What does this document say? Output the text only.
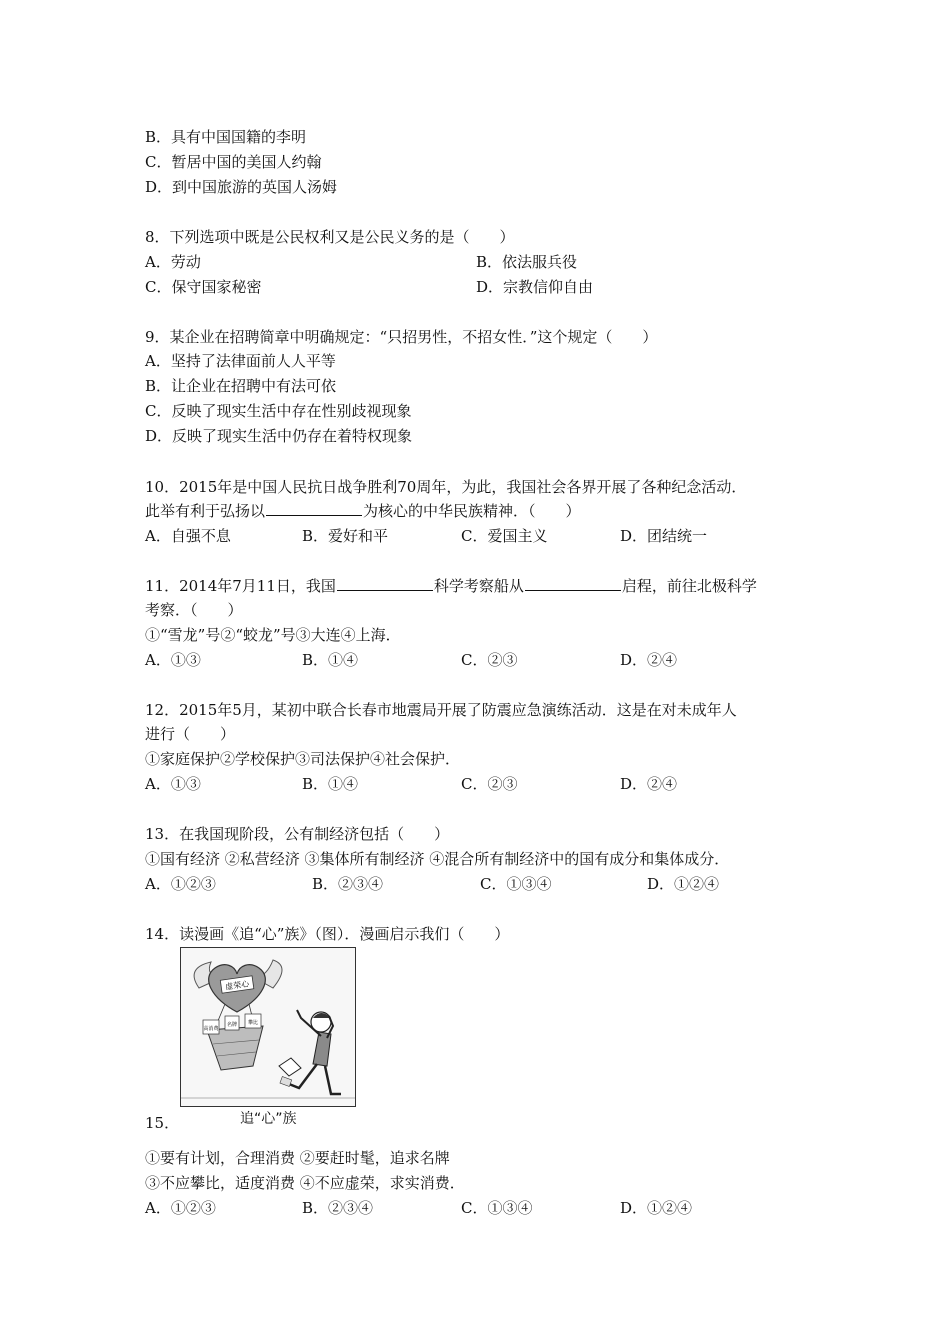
B．具有中国国籍的李明
C．暂居中国的美国人约翰
D．到中国旅游的英国人汤姆
8．下列选项中既是公民权利又是公民义务的是（　　）
A．劳动	B．依法服兵役
C．保守国家秘密	D．宗教信仰自由
9．某企业在招聘简章中明确规定：“只招男性，不招女性．”这个规定（　　）
A．坚持了法律面前人人平等
B．让企业在招聘中有法可依
C．反映了现实生活中存在性别歧视现象
D．反映了现实生活中仍存在着特权现象
10．2015年是中国人民抗日战争胜利70周年，为此，我国社会各界开展了各种纪念活动．
此举有利于弘扬以	为核心的中华民族精神．（　　）
A．自强不息	B．爱好和平	C．爱国主义	D．团结统一
11．2014年7月11日，我国	科学考察船从	启程，前往北极科学
考察．（　　）
①“雪龙”号②“蛟龙”号③大连④上海．
A．①③	B．①④	C．②③	D．②④
12．2015年5月，某初中联合长春市地震局开展了防震应急演练活动．这是在对未成年人
进行（　　）
①家庭保护②学校保护③司法保护④社会保护．
A．①③	B．①④	C．②③	D．②④
13．在我国现阶段，公有制经济包括（　　）
①国有经济 ②私营经济 ③集体所有制经济 ④混合所有制经济中的国有成分和集体成分．
A．①②③	B．②③④	C．①③④	D．①②④
14．读漫画《追“心”族》（图）．漫画启示我们（　　）
虚荣心
高消费
名牌 攀比
15．	追“心”族
①要有计划，合理消费 ②要赶时髦，追求名牌
③不应攀比，适度消费 ④不应虚荣，求实消费．
A．①②③	B．②③④	C．①③④	D．①②④
